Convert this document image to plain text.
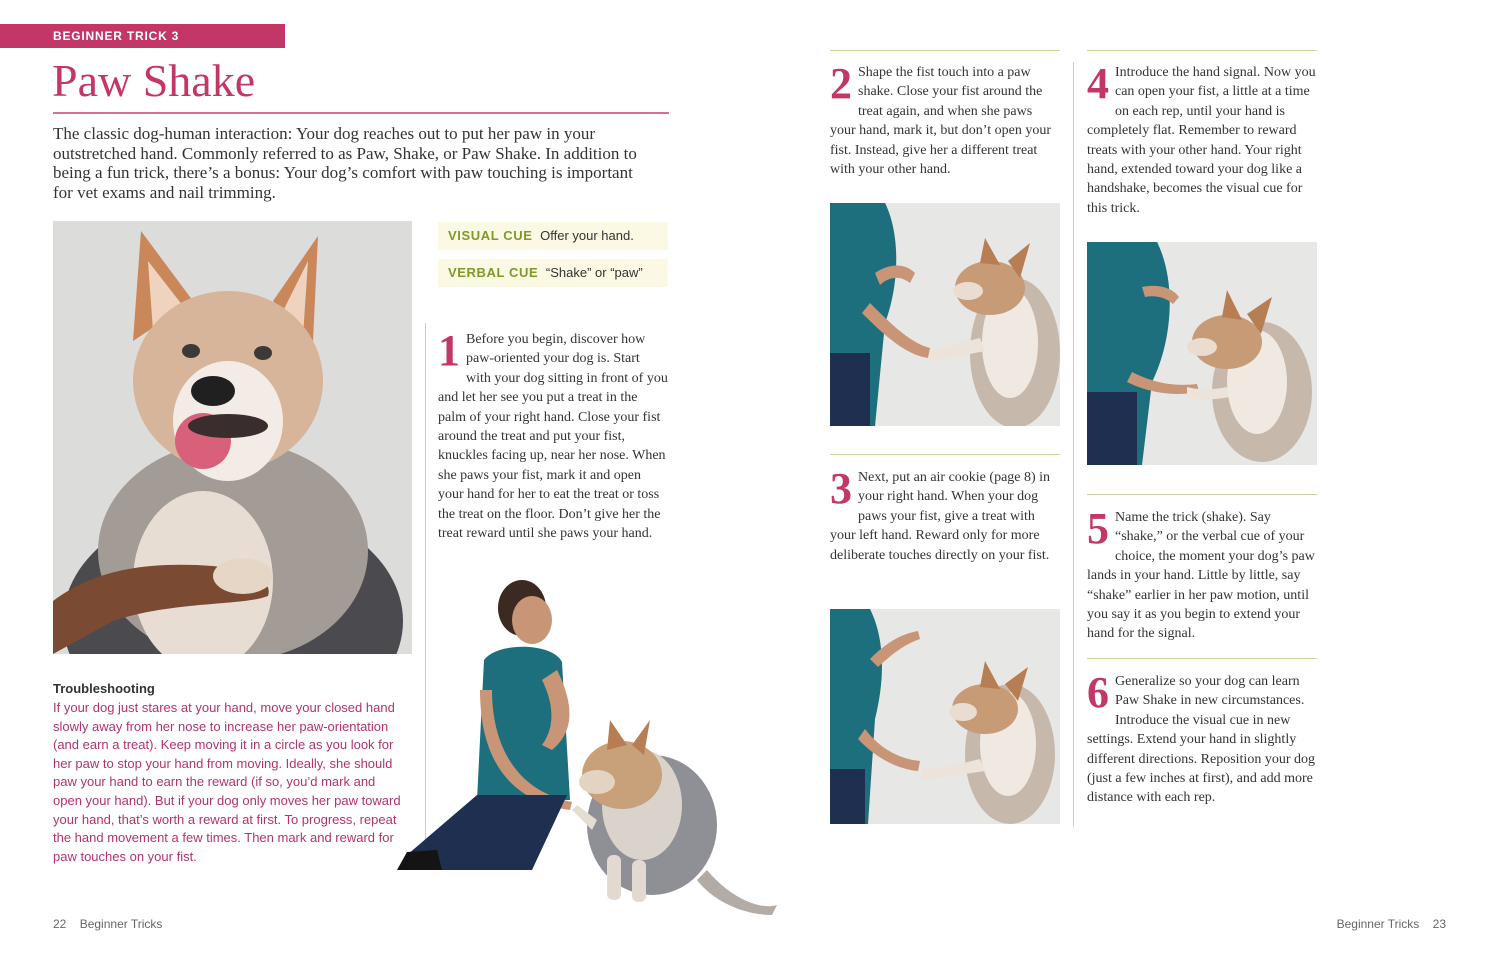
BEGINNER TRICK 3
Paw Shake
The classic dog-human interaction: Your dog reaches out to put her paw in your outstretched hand. Commonly referred to as Paw, Shake, or Paw Shake. In addition to being a fun trick, there’s a bonus: Your dog’s comfort with paw touching is important for vet exams and nail trimming.
VISUAL CUE Offer your hand.
VERBAL CUE “Shake” or “paw”
1 Before you begin, discover how paw-oriented your dog is. Start with your dog sitting in front of you and let her see you put a treat in the palm of your right hand. Close your fist around the treat and put your fist, knuckles facing up, near her nose. When she paws your fist, mark it and open your hand for her to eat the treat or toss the treat on the floor. Don’t give her the treat reward until she paws your hand.
Troubleshooting
If your dog just stares at your hand, move your closed hand slowly away from her nose to increase her paw-orientation (and earn a treat). Keep moving it in a circle as you look for her paw to stop your hand from moving. Ideally, she should paw your hand to earn the reward (if so, you’d mark and open your hand). But if your dog only moves her paw toward your hand, that’s worth a reward at first. To progress, repeat the hand movement a few times. Then mark and reward for paw touches on your fist.
22 Beginner Tricks
2 Shape the fist touch into a paw shake. Close your fist around the treat again, and when she paws your hand, mark it, but don’t open your fist. Instead, give her a different treat with your other hand.
3 Next, put an air cookie (page 8) in your right hand. When your dog paws your fist, give a treat with your left hand. Reward only for more deliberate touches directly on your fist.
4 Introduce the hand signal. Now you can open your fist, a little at a time on each rep, until your hand is completely flat. Remember to reward treats with your other hand. Your right hand, extended toward your dog like a handshake, becomes the visual cue for this trick.
5 Name the trick (shake). Say “shake,” or the verbal cue of your choice, the moment your dog’s paw lands in your hand. Little by little, say “shake” earlier in her paw motion, until you say it as you begin to extend your hand for the signal.
6 Generalize so your dog can learn Paw Shake in new circumstances. Introduce the visual cue in new settings. Extend your hand in slightly different directions. Reposition your dog (just a few inches at first), and add more distance with each rep.
Beginner Tricks 23
